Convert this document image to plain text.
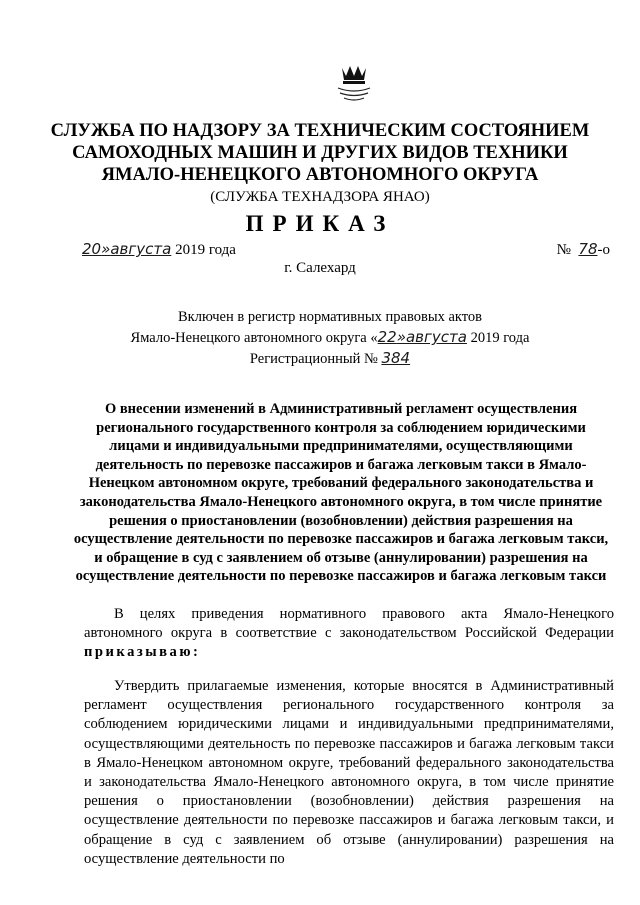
СЛУЖБА ПО НАДЗОРУ ЗА ТЕХНИЧЕСКИМ СОСТОЯНИЕМ
САМОХОДНЫХ МАШИН И ДРУГИХ ВИДОВ ТЕХНИКИ
ЯМАЛО-НЕНЕЦКОГО АВТОНОМНОГО ОКРУГА
(СЛУЖБА ТЕХНАДЗОРА ЯНАО)
ПРИКАЗ
20»августа 2019 года	№ 78-о
г. Салехард
Включен в регистр нормативных правовых актов
Ямало-Ненецкого автономного округа «22»августа 2019 года
Регистрационный № 384
О внесении изменений в Административный регламент осуществления регионального государственного контроля за соблюдением юридическими лицами и индивидуальными предпринимателями, осуществляющими деятельность по перевозке пассажиров и багажа легковым такси в Ямало-Ненецком автономном округе, требований федерального законодательства и законодательства Ямало-Ненецкого автономного округа, в том числе принятие решения о приостановлении (возобновлении) действия разрешения на осуществление деятельности по перевозке пассажиров и багажа легковым такси, и обращение в суд с заявлением об отзыве (аннулировании) разрешения на осуществление деятельности по перевозке пассажиров и багажа легковым такси
В целях приведения нормативного правового акта Ямало-Ненецкого автономного округа в соответствие с законодательством Российской Федерации приказываю:
Утвердить прилагаемые изменения, которые вносятся в Административный регламент осуществления регионального государственного контроля за соблюдением юридическими лицами и индивидуальными предпринимателями, осуществляющими деятельность по перевозке пассажиров и багажа легковым такси в Ямало-Ненецком автономном округе, требований федерального законодательства и законодательства Ямало-Ненецкого автономного округа, в том числе принятие решения о приостановлении (возобновлении) действия разрешения на осуществление деятельности по перевозке пассажиров и багажа легковым такси, и обращение в суд с заявлением об отзыве (аннулировании) разрешения на осуществление деятельности по
